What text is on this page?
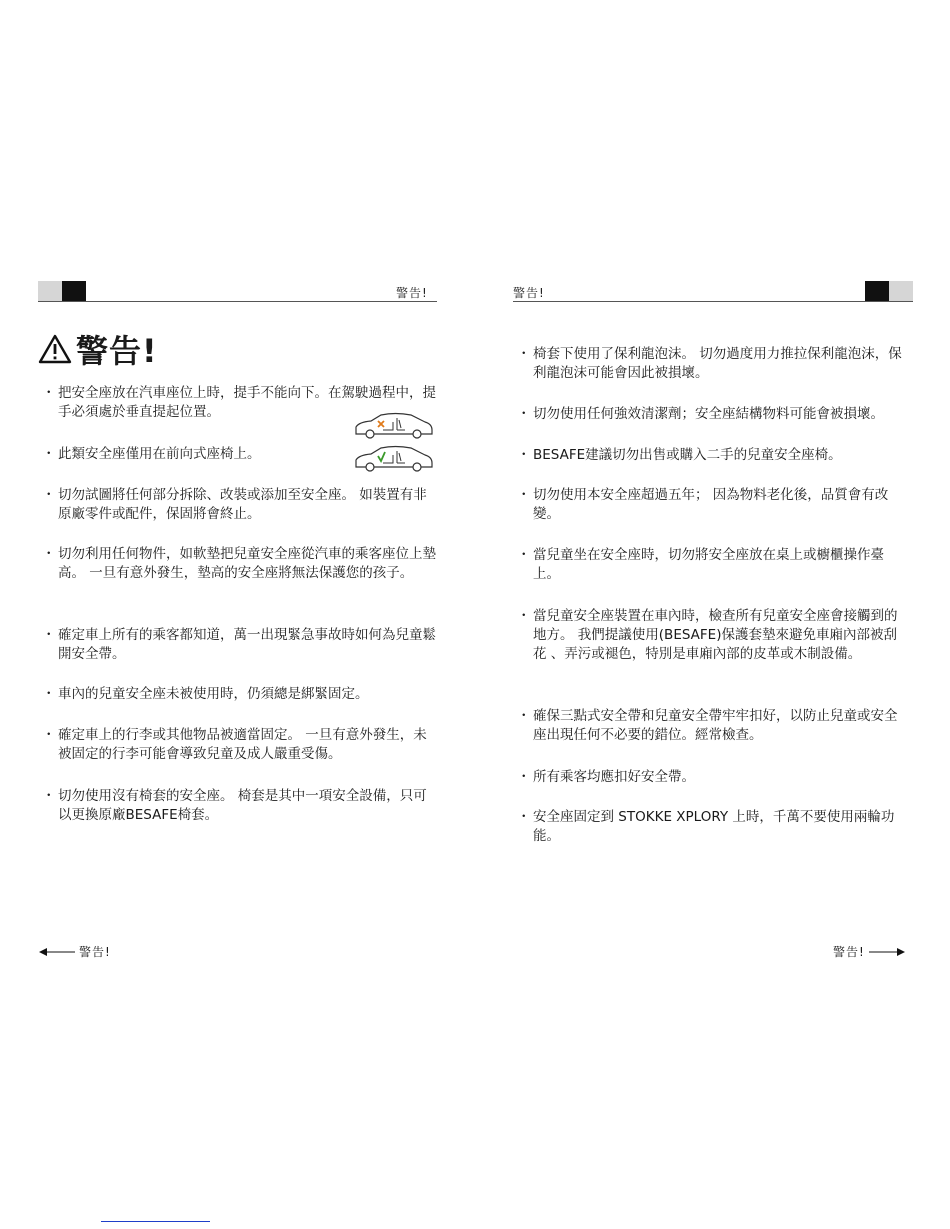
警告!
警告!
・ 把安全座放在汽車座位上時，提手不能向下。在駕駛過程中，提手必須處於垂直提起位置。
・ 此類安全座僅用在前向式座椅上。
・ 切勿試圖將任何部分拆除、改裝或添加至安全座。 如裝置有非原廠零件或配件，保固將會終止。
・ 切勿利用任何物件，如軟墊把兒童安全座從汽車的乘客座位上墊高。 一旦有意外發生，墊高的安全座將無法保護您的孩子。
・ 確定車上所有的乘客都知道，萬一出現緊急事故時如何為兒童鬆開安全帶。
・ 車內的兒童安全座未被使用時，仍須總是綁緊固定。
・ 確定車上的行李或其他物品被適當固定。 一旦有意外發生，未被固定的行李可能會導致兒童及成人嚴重受傷。
・ 切勿使用沒有椅套的安全座。 椅套是其中一項安全設備，只可以更換原廠BESAFE椅套。
警告!
警告!
・ 椅套下使用了保利龍泡沫。 切勿過度用力推拉保利龍泡沫，保利龍泡沫可能會因此被損壞。
・ 切勿使用任何強效清潔劑；安全座結構物料可能會被損壞。
・ BESAFE建議切勿出售或購入二手的兒童安全座椅。
・ 切勿使用本安全座超過五年； 因為物料老化後，品質會有改變。
・ 當兒童坐在安全座時，切勿將安全座放在桌上或櫥櫃操作臺上。
・ 當兒童安全座裝置在車內時，檢查所有兒童安全座會接觸到的地方。 我們提議使用(BESAFE)保護套墊來避免車廂內部被刮花 、弄污或褪色，特別是車廂內部的皮革或木制設備。
・ 確保三點式安全帶和兒童安全帶牢牢扣好，以防止兒童或安全座出現任何不必要的錯位。經常檢查。
・ 所有乘客均應扣好安全帶。
・ 安全座固定到 STOKKE XPLORY 上時，千萬不要使用兩輪功能。
警告!
